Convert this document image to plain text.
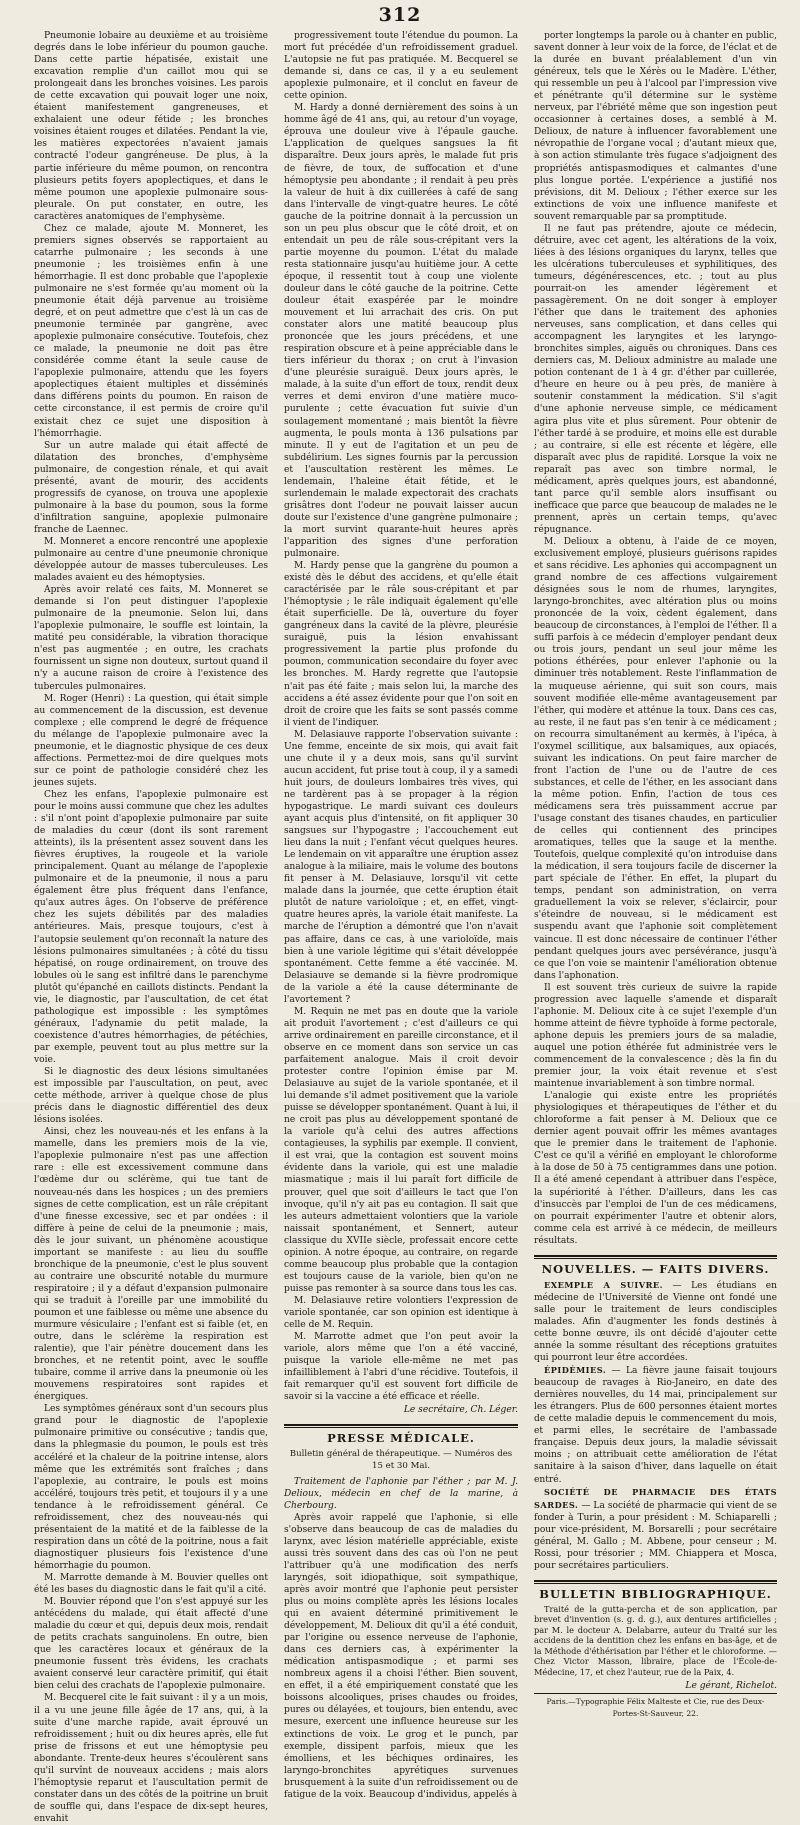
312

Pneumonie lobaire au deuxième et au troisième degrés dans le lobe inférieur du poumon gauche. Dans cette partie hépatisée, existait une excavation remplie d'un caillot mou qui se prolongeait dans les bronches voisines. Les parois de cette excavation qui pouvait loger une noix, étaient manifestement gangreneuses, et exhalaient une odeur fétide ; les bronches voisines étaient rouges et dilatées. Pendant la vie, les matières expectorées n'avaient jamais contracté l'odeur gangréneuse. De plus, à la partie inférieure du même poumon, on rencontra plusieurs petits foyers apoplectiques, et dans le même poumon une apoplexie pulmonaire sous-pleurale. On put constater, en outre, les caractères anatomiques de l'emphysème.

Chez ce malade, ajoute M. Monneret, les premiers signes observés se rapportaient au catarrhe pulmonaire ; les seconds à une pneumonie ; les troisièmes enfin à une hémorrhagie. Il est donc probable que l'apoplexie pulmonaire ne s'est formée qu'au moment où la pneumonie était déjà parvenue au troisième degré, et on peut admettre que c'est là un cas de pneumonie terminée par gangrène, avec apoplexie pulmonaire consécutive. Toutefois, chez ce malade, la pneumonie ne doit pas être considérée comme étant la seule cause de l'apoplexie pulmonaire, attendu que les foyers apoplectiques étaient multiples et disséminés dans différens points du poumon. En raison de cette circonstance, il est permis de croire qu'il existait chez ce sujet une disposition à l'hémorrhagie.

Sur un autre malade qui était affecté de dilatation des bronches, d'emphysème pulmonaire, de congestion rénale, et qui avait présenté, avant de mourir, des accidents progressifs de cyanose, on trouva une apoplexie pulmonaire à la base du poumon, sous la forme d'infiltration sanguine, apoplexie pulmonaire franche de Laennec.

M. Monneret a encore rencontré une apoplexie pulmonaire au centre d'une pneumonie chronique développée autour de masses tuberculeuses. Les malades avaient eu des hémoptysies.

Après avoir relaté ces faits, M. Monneret se demande si l'on peut distinguer l'apoplexie pulmonaire de la pneumonie. Selon lui, dans l'apoplexie pulmonaire, le souffle est lointain, la matité peu considérable, la vibration thoracique n'est pas augmentée ; en outre, les crachats fournissent un signe non douteux, surtout quand il n'y a aucune raison de croire à l'existence des tubercules pulmonaires.

M. Roger (Henri) : La question, qui était simple au commencement de la discussion, est devenue complexe ; elle comprend le degré de fréquence du mélange de l'apoplexie pulmonaire avec la pneumonie, et le diagnostic physique de ces deux affections. Permettez-moi de dire quelques mots sur ce point de pathologie considéré chez les jeunes sujets.

Chez les enfans, l'apoplexie pulmonaire est pour le moins aussi commune que chez les adultes : s'il n'ont point d'apoplexie pulmonaire par suite de maladies du cœur (dont ils sont rarement atteints), ils la présentent assez souvent dans les fièvres éruptives, la rougeole et la variole principalement. Quant au mélange de l'apoplexie pulmonaire et de la pneumonie, il nous a paru également être plus fréquent dans l'enfance, qu'aux autres âges. On l'observe de préférence chez les sujets débilités par des maladies antérieures. Mais, presque toujours, c'est à l'autopsie seulement qu'on reconnaît la nature des lésions pulmonaires simultanées ; à côté du tissu hépatisé, on rouge ordinairement, on trouve des lobules où le sang est infiltré dans le parenchyme plutôt qu'épanché en caillots distincts. Pendant la vie, le diagnostic, par l'auscultation, de cet état pathologique est impossible : les symptômes généraux, l'adynamie du petit malade, la coexistence d'autres hémorrhagies, de pétéchies, par exemple, peuvent tout au plus mettre sur la voie.

Si le diagnostic des deux lésions simultanées est impossible par l'auscultation, on peut, avec cette méthode, arriver à quelque chose de plus précis dans le diagnostic différentiel des deux lésions isolées.

Ainsi, chez les nouveau-nés et les enfans à la mamelle, dans les premiers mois de la vie, l'apoplexie pulmonaire n'est pas une affection rare : elle est excessivement commune dans l'œdème dur ou sclérème, qui tue tant de nouveau-nés dans les hospices ; un des premiers signes de cette complication, est un râle crépitant d'une finesse excessive, sec et par ondées : il diffère à peine de celui de la pneumonie ; mais, dès le jour suivant, un phénomène acoustique important se manifeste : au lieu du souffle bronchique de la pneumonie, c'est le plus souvent au contraire une obscurité notable du murmure respiratoire ; il y a défaut d'expansion pulmonaire qui se traduit à l'oreille par une immobilité du poumon et une faiblesse ou même une absence du murmure vésiculaire ; l'enfant est si faible (et, en outre, dans le sclérème la respiration est ralentie), que l'air pénètre doucement dans les bronches, et ne retentit point, avec le souffle tubaire, comme il arrive dans la pneumonie où les mouvemens respiratoires sont rapides et énergiques.

Les symptômes généraux sont d'un secours plus grand pour le diagnostic de l'apoplexie pulmonaire primitive ou consécutive ; tandis que, dans la phlegmasie du poumon, le pouls est très accéléré et la chaleur de la poitrine intense, alors même que les extrémités sont fraîches ; dans l'apoplexie, au contraire, le pouls est moins accéléré, toujours très petit, et toujours il y a une tendance à le refroidissement général. Ce refroidissement, chez des nouveau-nés qui présentaient de la matité et de la faiblesse de la respiration dans un côté de la poitrine, nous a fait diagnostiquer plusieurs fois l'existence d'une hémorrhagie du poumon.

M. Marrotte demande à M. Bouvier quelles ont été les bases du diagnostic dans le fait qu'il a cité.

M. Bouvier répond que l'on s'est appuyé sur les antécédens du malade, qui était affecté d'une maladie du cœur et qui, depuis deux mois, rendait de petits crachats sanguinolens. En outre, bien que les caractères locaux et généraux de la pneumonie fussent très évidens, les crachats avaient conservé leur caractère primitif, qui était bien celui des crachats de l'apoplexie pulmonaire.

M. Becquerel cite le fait suivant : il y a un mois, il a vu une jeune fille âgée de 17 ans, qui, à la suite d'une marche rapide, avait éprouvé un refroidissement ; huit ou dix heures après, elle fut prise de frissons et eut une hémoptysie peu abondante. Trente-deux heures s'écoulèrent sans qu'il survînt de nouveaux accidens ; mais alors l'hémoptysie reparut et l'auscultation permit de constater dans un des côtés de la poitrine un bruit de souffle qui, dans l'espace de dix-sept heures, envahit

progressivement toute l'étendue du poumon. La mort fut précédée d'un refroidissement graduel. L'autopsie ne fut pas pratiquée. M. Becquerel se demande si, dans ce cas, il y a eu seulement apoplexie pulmonaire, et il conclut en faveur de cette opinion.

M. Hardy a donné dernièrement des soins à un homme âgé de 41 ans, qui, au retour d'un voyage, éprouva une douleur vive à l'épaule gauche. L'application de quelques sangsues la fit disparaître. Deux jours après, le malade fut pris de fièvre, de toux, de suffocation et d'une hémoptysie peu abondante ; il rendait à peu près la valeur de huit à dix cuillerées à café de sang dans l'intervalle de vingt-quatre heures. Le côté gauche de la poitrine donnait à la percussion un son un peu plus obscur que le côté droit, et on entendait un peu de râle sous-crépitant vers la partie moyenne du poumon. L'état du malade resta stationnaire jusqu'au huitième jour. A cette époque, il ressentit tout à coup une violente douleur dans le côté gauche de la poitrine. Cette douleur était exaspérée par le moindre mouvement et lui arrachait des cris. On put constater alors une matité beaucoup plus prononcée que les jours précédens, et une respiration obscure et à peine appréciable dans le tiers inférieur du thorax ; on crut à l'invasion d'une pleurésie suraiguë. Deux jours après, le malade, à la suite d'un effort de toux, rendit deux verres et demi environ d'une matière muco-purulente ; cette évacuation fut suivie d'un soulagement momentané ; mais bientôt la fièvre augmenta, le pouls monta à 136 pulsations par minute. Il y eut de l'agitation et un peu de subdélirium. Les signes fournis par la percussion et l'auscultation restèrent les mêmes. Le lendemain, l'haleine était fétide, et le surlendemain le malade expectorait des crachats grisâtres dont l'odeur ne pouvait laisser aucun doute sur l'existence d'une gangrène pulmonaire ; la mort survint quarante-huit heures après l'apparition des signes d'une perforation pulmonaire.

M. Hardy pense que la gangrène du poumon a existé dès le début des accidens, et qu'elle était caractérisée par le râle sous-crépitant et par l'hémoptysie ; le râle indiquait également qu'elle était superficielle. De là, ouverture du foyer gangréneux dans la cavité de la plèvre, pleurésie suraiguë, puis la lésion envahissant progressivement la partie plus profonde du poumon, communication secondaire du foyer avec les bronches. M. Hardy regrette que l'autopsie n'ait pas été faite ; mais selon lui, la marche des accidens a été assez évidente pour que l'on soit en droit de croire que les faits se sont passés comme il vient de l'indiquer.

M. Delasiauve rapporte l'observation suivante : Une femme, enceinte de six mois, qui avait fait une chute il y a deux mois, sans qu'il survînt aucun accident, fut prise tout à coup, il y a samedi huit jours, de douleurs lombaires très vives, qui ne tardèrent pas à se propager à la région hypogastrique. Le mardi suivant ces douleurs ayant acquis plus d'intensité, on fit appliquer 30 sangsues sur l'hypogastre ; l'accouchement eut lieu dans la nuit ; l'enfant vécut quelques heures. Le lendemain on vit apparaître une éruption assez analogue à la miliaire, mais le volume des boutons fit penser à M. Delasiauve, lorsqu'il vit cette malade dans la journée, que cette éruption était plutôt de nature varioloïque ; et, en effet, vingt-quatre heures après, la variole était manifeste. La marche de l'éruption a démontré que l'on n'avait pas affaire, dans ce cas, à une varioloïde, mais bien à une variole légitime qui s'était développée spontanément. Cette femme a été vaccinée. M. Delasiauve se demande si la fièvre prodromique de la variole a été la cause déterminante de l'avortement ?

M. Requin ne met pas en doute que la variole ait produit l'avortement ; c'est d'ailleurs ce qui arrive ordinairement en pareille circonstance, et il observe en ce moment dans son service un cas parfaitement analogue. Mais il croit devoir protester contre l'opinion émise par M. Delasiauve au sujet de la variole spontanée, et il lui demande s'il admet positivement que la variole puisse se développer spontanément. Quant à lui, il ne croit pas plus au développement spontané de la variole qu'à celui des autres affections contagieuses, la syphilis par exemple. Il convient, il est vrai, que la contagion est souvent moins évidente dans la variole, qui est une maladie miasmatique ; mais il lui paraît fort difficile de prouver, quel que soit d'ailleurs le tact que l'on invoque, qu'il n'y ait pas eu contagion. Il sait que les auteurs admettaient volontiers que la variole naissait spontanément, et Sennert, auteur classique du XVIIe siècle, professait encore cette opinion. A notre époque, au contraire, on regarde comme beaucoup plus probable que la contagion est toujours cause de la variole, bien qu'on ne puisse pas remonter à sa source dans tous les cas.

M. Delasiauve retire volontiers l'expression de variole spontanée, car son opinion est identique à celle de M. Requin.

M. Marrotte admet que l'on peut avoir la variole, alors même que l'on a été vacciné, puisque la variole elle-même ne met pas infailliblement à l'abri d'une récidive. Toutefois, il fait remarquer qu'il est souvent fort difficile de savoir si la vaccine a été efficace et réelle.

Le secrétaire, Ch. Léger.
PRESSE MÉDICALE.
Bulletin général de thérapeutique. — Numéros des 15 et 30 Mai.

Traitement de l'aphonie par l'éther ; par M. J. Delioux, médecin en chef de la marine, à Cherbourg.

Après avoir rappelé que l'aphonie, si elle s'observe dans beaucoup de cas de maladies du larynx, avec lésion matérielle appréciable, existe aussi très souvent dans des cas où l'on ne peut l'attribuer qu'à une modification des nerfs laryngés, soit idiopathique, soit sympathique, après avoir montré que l'aphonie peut persister plus ou moins complète après les lésions locales qui en avaient déterminé primitivement le développement, M. Delioux dit qu'il a été conduit, par l'origine ou essence nerveuse de l'aphonie, dans ces derniers cas, à expérimenter la médication antispasmodique ; et parmi ses nombreux agens il a choisi l'éther. Bien souvent, en effet, il a été empiriquement constaté que les boissons alcooliques, prises chaudes ou froides, pures ou délayées, et toujours, bien entendu, avec mesure, exercent une influence heureuse sur les extinctions de voix. Le grog et le punch, par exemple, dissipent parfois, mieux que les émolliens, et les béchiques ordinaires, les laryngo-bronchites apyrétiques survenues brusquement à la suite d'un refroidissement ou de fatigue de la voix. Beaucoup d'individus, appelés à

porter longtemps la parole ou à chanter en public, savent donner à leur voix de la force, de l'éclat et de la durée en buvant préalablement d'un vin généreux, tels que le Xérès ou le Madère. L'éther, qui ressemble un peu à l'alcool par l'impression vive et pénétrante qu'il détermine sur le système nerveux, par l'ébriété même que son ingestion peut occasionner à certaines doses, a semblé à M. Delioux, de nature à influencer favorablement une névropathie de l'organe vocal ; d'autant mieux que, à son action stimulante très fugace s'adjoignent des propriétés antispasmodiques et calmantes d'une plus longue portée. L'expérience a justifié nos prévisions, dit M. Delioux ; l'éther exerce sur les extinctions de voix une influence manifeste et souvent remarquable par sa promptitude.

Il ne faut pas prétendre, ajoute ce médecin, détruire, avec cet agent, les altérations de la voix, liées à des lésions organiques du larynx, telles que les ulcérations tuberculeuses et syphilitiques, des tumeurs, dégénérescences, etc. ; tout au plus pourrait-on les amender légèrement et passagèrement. On ne doit songer à employer l'éther que dans le traitement des aphonies nerveuses, sans complication, et dans celles qui accompagnent les laryngites et les laryngo-bronchites simples, aiguës ou chroniques. Dans ces derniers cas, M. Delioux administre au malade une potion contenant de 1 à 4 gr. d'éther par cuillerée, d'heure en heure ou à peu près, de manière à soutenir constamment la médication. S'il s'agit d'une aphonie nerveuse simple, ce médicament agira plus vite et plus sûrement. Pour obtenir de l'éther tardé à se produire, et moins elle est durable ; au contraire, si elle est récente et légère, elle disparaît avec plus de rapidité. Lorsque la voix ne reparaît pas avec son timbre normal, le médicament, après quelques jours, est abandonné, tant parce qu'il semble alors insuffisant ou inefficace que parce que beaucoup de malades ne le prennent, après un certain temps, qu'avec répugnance.

M. Delioux a obtenu, à l'aide de ce moyen, exclusivement employé, plusieurs guérisons rapides et sans récidive. Les aphonies qui accompagnent un grand nombre de ces affections vulgairement désignées sous le nom de rhumes, laryngites, laryngo-bronchites, avec altération plus ou moins prononcée de la voix, cèdent également, dans beaucoup de circonstances, à l'emploi de l'éther. Il a suffi parfois à ce médecin d'employer pendant deux ou trois jours, pendant un seul jour même les potions éthérées, pour enlever l'aphonie ou la diminuer très notablement. Reste l'inflammation de la muqueuse aérienne, qui suit son cours, mais souvent modifiée elle-même avantageusement par l'éther, qui modère et atténue la toux. Dans ces cas, au reste, il ne faut pas s'en tenir à ce médicament ; on recourra simultanément au kermès, à l'ipéca, à l'oxymel scillitique, aux balsamiques, aux opiacés, suivant les indications. On peut faire marcher de front l'action de l'une ou de l'autre de ces substances, et celle de l'éther, en les associant dans la même potion. Enfin, l'action de tous ces médicamens sera très puissamment accrue par l'usage constant des tisanes chaudes, en particulier de celles qui contiennent des principes aromatiques, telles que la sauge et la menthe. Toutefois, quelque complexité qu'on introduise dans la médication, il sera toujours facile de discerner la part spéciale de l'éther. En effet, la plupart du temps, pendant son administration, on verra graduellement la voix se relever, s'éclaircir, pour s'éteindre de nouveau, si le médicament est suspendu avant que l'aphonie soit complètement vaincue. Il est donc nécessaire de continuer l'éther pendant quelques jours avec persévérance, jusqu'à ce que l'on voie se maintenir l'amélioration obtenue dans l'aphonation.

Il est souvent très curieux de suivre la rapide progression avec laquelle s'amende et disparaît l'aphonie. M. Delioux cite à ce sujet l'exemple d'un homme atteint de fièvre typhoïde à forme pectorale, aphone depuis les premiers jours de sa maladie, auquel une potion éthérée fut administrée vers le commencement de la convalescence ; dès la fin du premier jour, la voix était revenue et s'est maintenue invariablement à son timbre normal.

L'analogie qui existe entre les propriétés physiologiques et thérapeutiques de l'éther et du chloroforme a fait penser à M. Delioux que ce dernier agent pouvait offrir les mêmes avantages que le premier dans le traitement de l'aphonie. C'est ce qu'il a vérifié en employant le chloroforme à la dose de 50 à 75 centigrammes dans une potion. Il a été amené cependant à attribuer dans l'espèce, la supériorité à l'éther. D'ailleurs, dans les cas d'insuccès par l'emploi de l'un de ces médicamens, on pourrait expérimenter l'autre et obtenir alors, comme cela est arrivé à ce médecin, de meilleurs résultats.

NOUVELLES. — FAITS DIVERS.

EXEMPLE A SUIVRE. — Les étudians en médecine de l'Université de Vienne ont fondé une salle pour le traitement de leurs condisciples malades. Afin d'augmenter les fonds destinés à cette bonne œuvre, ils ont décidé d'ajouter cette année la somme résultant des réceptions gratuites qui pourront leur être accordées.

ÉPIDÉMIES. — La fièvre jaune faisait toujours beaucoup de ravages à Rio-Janeiro, en date des dernières nouvelles, du 14 mai, principalement sur les étrangers. Plus de 600 personnes étaient mortes de cette maladie depuis le commencement du mois, et parmi elles, le secrétaire de l'ambassade française. Depuis deux jours, la maladie sévissait moins ; on attribuait cette amélioration de l'état sanitaire à la saison d'hiver, dans laquelle on était entré.

SOCIÉTÉ DE PHARMACIE DES ÉTATS SARDES. — La société de pharmacie qui vient de se fonder à Turin, a pour président : M. Schiaparelli ; pour vice-président, M. Borsarelli ; pour secrétaire général, M. Gallo ; M. Abbene, pour censeur ; M. Rossi, pour trésorier ; MM. Chiappera et Mosca, pour secrétaires particuliers.

BULLETIN BIBLIOGRAPHIQUE.

Traité de la gutta-percha et de son application, par brevet d'invention (s. g. d. g.), aux dentures artificielles ; par M. le docteur A. Delabarre, auteur du Traité sur les accidens de la dentition chez les enfans en bas-âge, et de la Méthode d'éthérisation par l'éther et le chloroforme. — Chez Victor Masson, libraire, place de l'École-de-Médecine, 17, et chez l'auteur, rue de la Paix, 4.

Le gérant, Richelot.

Paris.—Typographie Félix Malteste et Cie, rue des Deux-Portes-St-Sauveur, 22.
